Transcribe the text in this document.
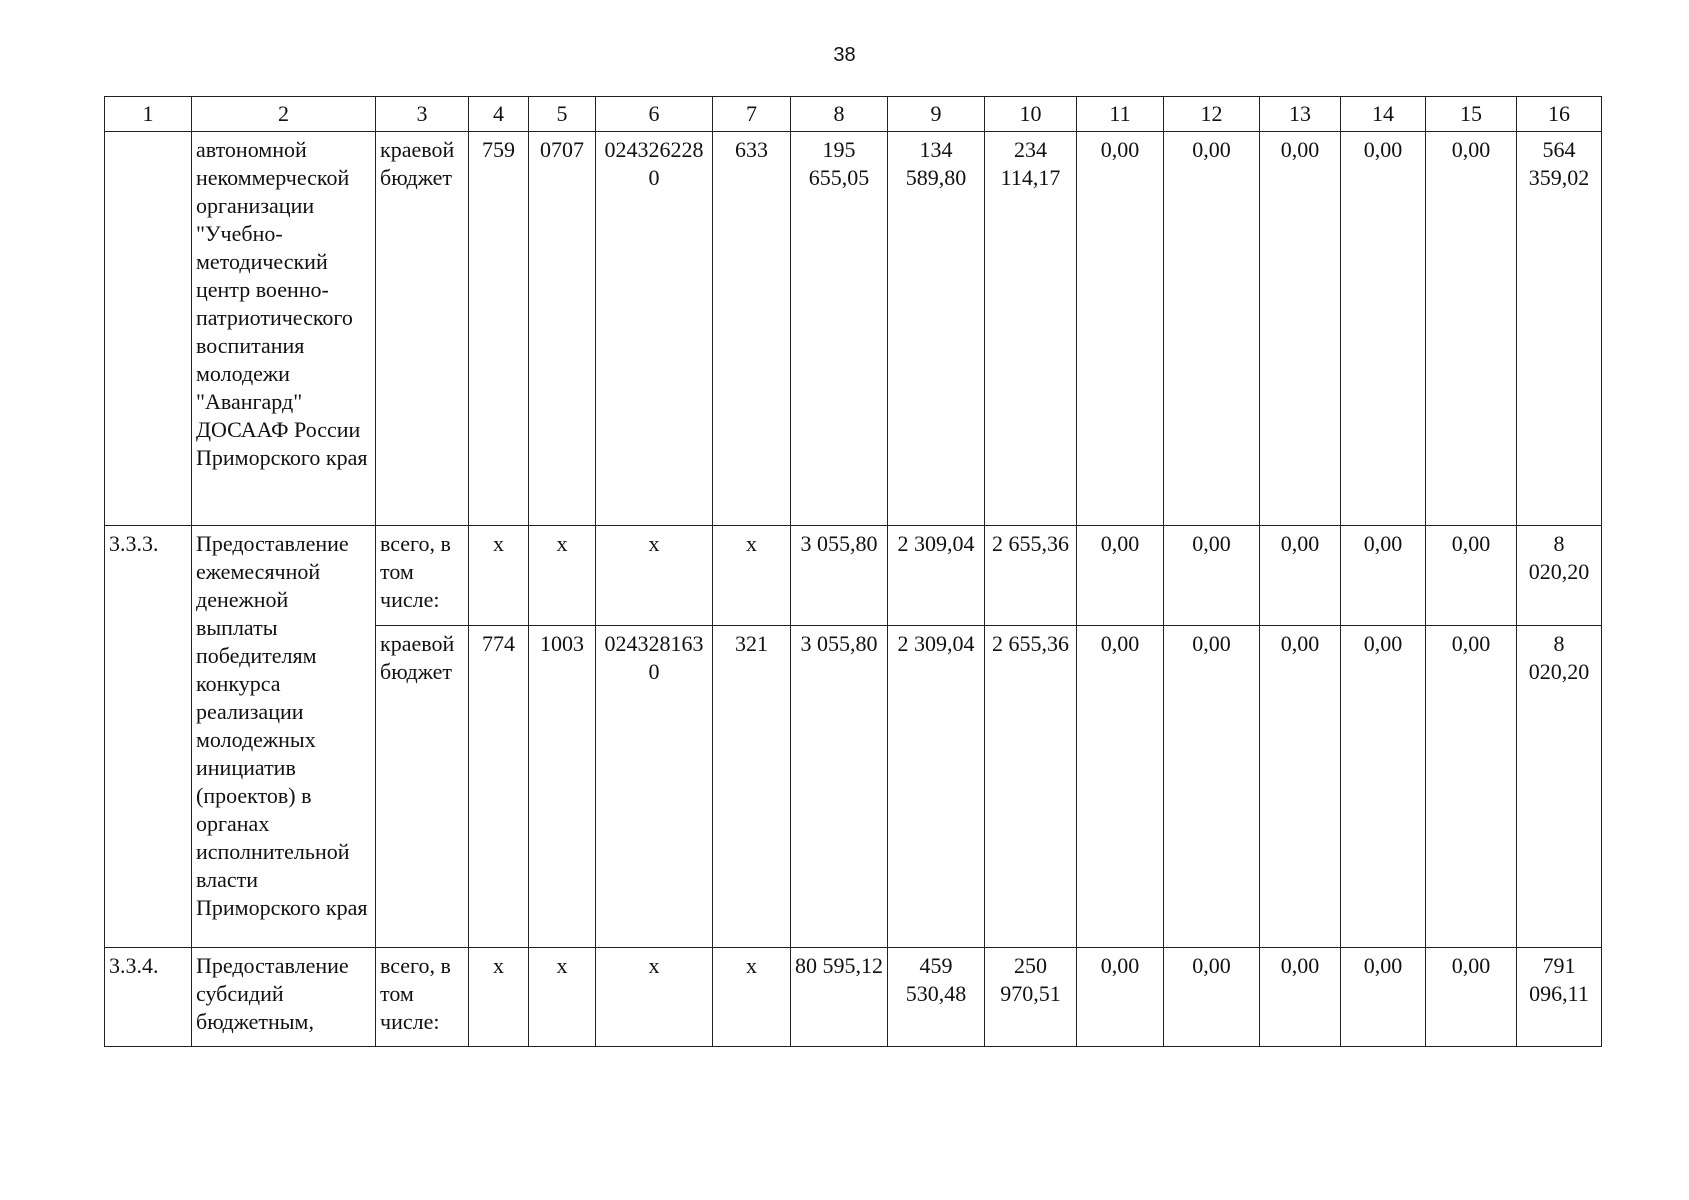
38
1	2	3	4	5	6	7	8	9	10	11	12	13	14	15	16
	автономной некоммерческой организации "Учебно-методический центр военно-патриотического воспитания молодежи "Авангард" ДОСААФ России Приморского края	краевой бюджет	759	0707	0243262280	633	195 655,05	134 589,80	234 114,17	0,00	0,00	0,00	0,00	0,00	564 359,02
3.3.3.	Предоставление ежемесячной денежной выплаты победителям конкурса реализации молодежных инициатив (проектов) в органах исполнительной власти Приморского края	всего, в том числе:	x	x	x	x	3 055,80	2 309,04	2 655,36	0,00	0,00	0,00	0,00	0,00	8 020,20
		краевой бюджет	774	1003	0243281630	321	3 055,80	2 309,04	2 655,36	0,00	0,00	0,00	0,00	0,00	8 020,20
3.3.4.	Предоставление субсидий бюджетным,	всего, в том числе:	x	x	x	x	80 595,12	459 530,48	250 970,51	0,00	0,00	0,00	0,00	0,00	791 096,11
